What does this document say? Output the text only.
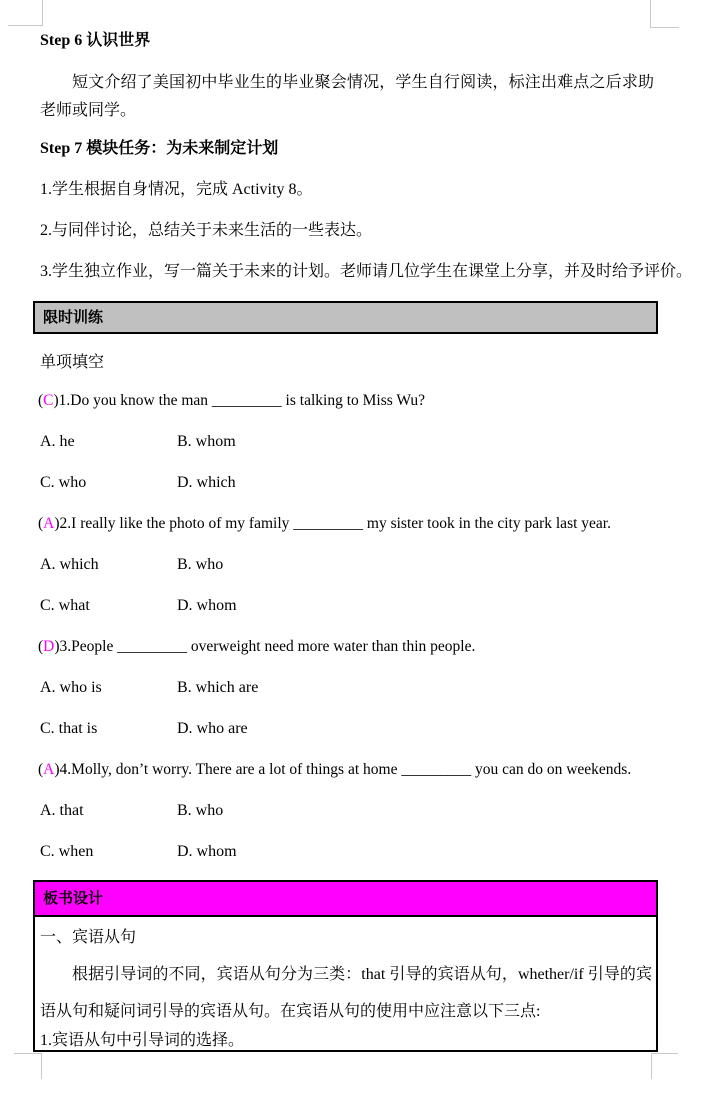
Step 6 认识世界

短文介绍了美国初中毕业生的毕业聚会情况，学生自行阅读，标注出难点之后求助老师或同学。

Step 7 模块任务：为未来制定计划

1.学生根据自身情况，完成 Activity 8。

2.与同伴讨论，总结关于未来生活的一些表达。

3.学生独立作业，写一篇关于未来的计划。老师请几位学生在课堂上分享，并及时给予评价。

限时训练

单项填空

(C)1.Do you know the man _________ is talking to Miss Wu?

A. he	B. whom

C. who	D. which

(A)2.I really like the photo of my family _________ my sister took in the city park last year.

A. which	B. who

C. what	D. whom

(D)3.People _________ overweight need more water than thin people.

A. who is	B. which are

C. that is	D. who are

(A)4.Molly, don’t worry. There are a lot of things at home _________ you can do on weekends.

A. that	B. who

C. when	D. whom

板书设计

一、宾语从句

根据引导词的不同，宾语从句分为三类：that 引导的宾语从句，whether/if 引导的宾语从句和疑问词引导的宾语从句。在宾语从句的使用中应注意以下三点:

1.宾语从句中引导词的选择。
